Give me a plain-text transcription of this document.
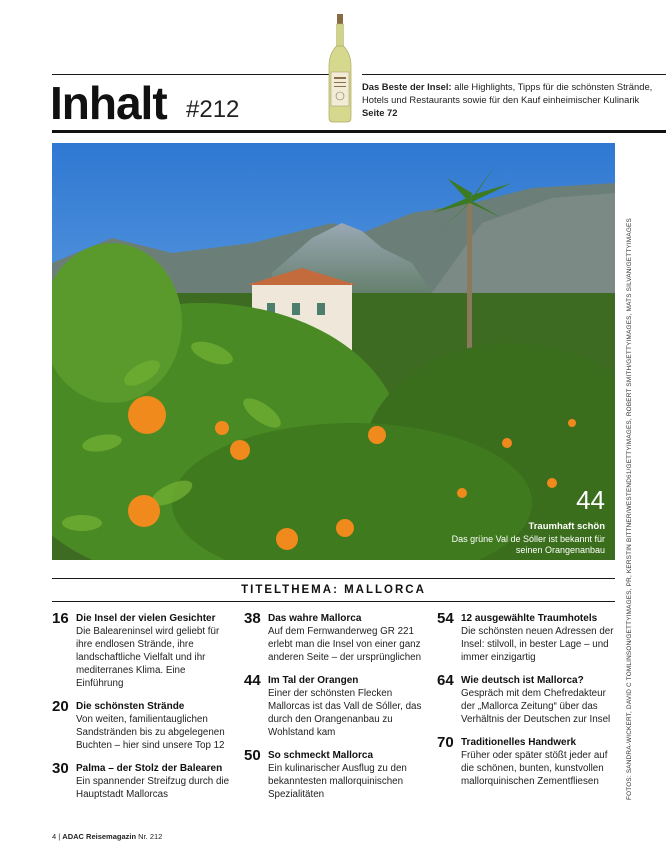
Inhalt #212
Das Beste der Insel: alle Highlights, Tipps für die schönsten Strände, Hotels und Restaurants sowie für den Kauf einheimischer Kulinarik Seite 72
44
Traumhaft schön
Das grüne Val de Sóller ist bekannt für seinen Orangenanbau	FOTOS: SANDRA-WICKERT, DAVID C TOMLINSON/GETTYIMAGES, PR, KERSTIN BITTNER/WESTEND61/GETTYIMAGES, ROBERT SMITH/GETTYIMAGES, MATS SILVAN/GETTYIMAGES
TITELTHEMA: MALLORCA
16 Die Insel der vielen Gesichter
Die Baleareninsel wird geliebt für ihre endlosen Strände, ihre landschaftliche Vielfalt und ihr mediterranes Klima. Eine Einführung
20 Die schönsten Strände
Von weiten, familientauglichen Sandstränden bis zu abgelegenen Buchten – hier sind unsere Top 12
30 Palma – der Stolz der Balearen
Ein spannender Streifzug durch die Hauptstadt Mallorcas
38 Das wahre Mallorca
Auf dem Fernwanderweg GR 221 erlebt man die Insel von einer ganz anderen Seite – der ursprünglichen
44 Im Tal der Orangen
Einer der schönsten Flecken Mallorcas ist das Vall de Sóller, das durch den Orangenanbau zu Wohlstand kam
50 So schmeckt Mallorca
Ein kulinarischer Ausflug zu den bekanntesten mallorquinischen Spezialitäten
54 12 ausgewählte Traumhotels
Die schönsten neuen Adressen der Insel: stilvoll, in bester Lage – und immer einzigartig
64 Wie deutsch ist Mallorca?
Gespräch mit dem Chefredakteur der „Mallorca Zeitung“ über das Verhältnis der Deutschen zur Insel
70 Traditionelles Handwerk
Früher oder später stößt jeder auf die schönen, bunten, kunstvollen mallorquinischen Zementfliesen
4 | ADAC Reisemagazin Nr. 212
